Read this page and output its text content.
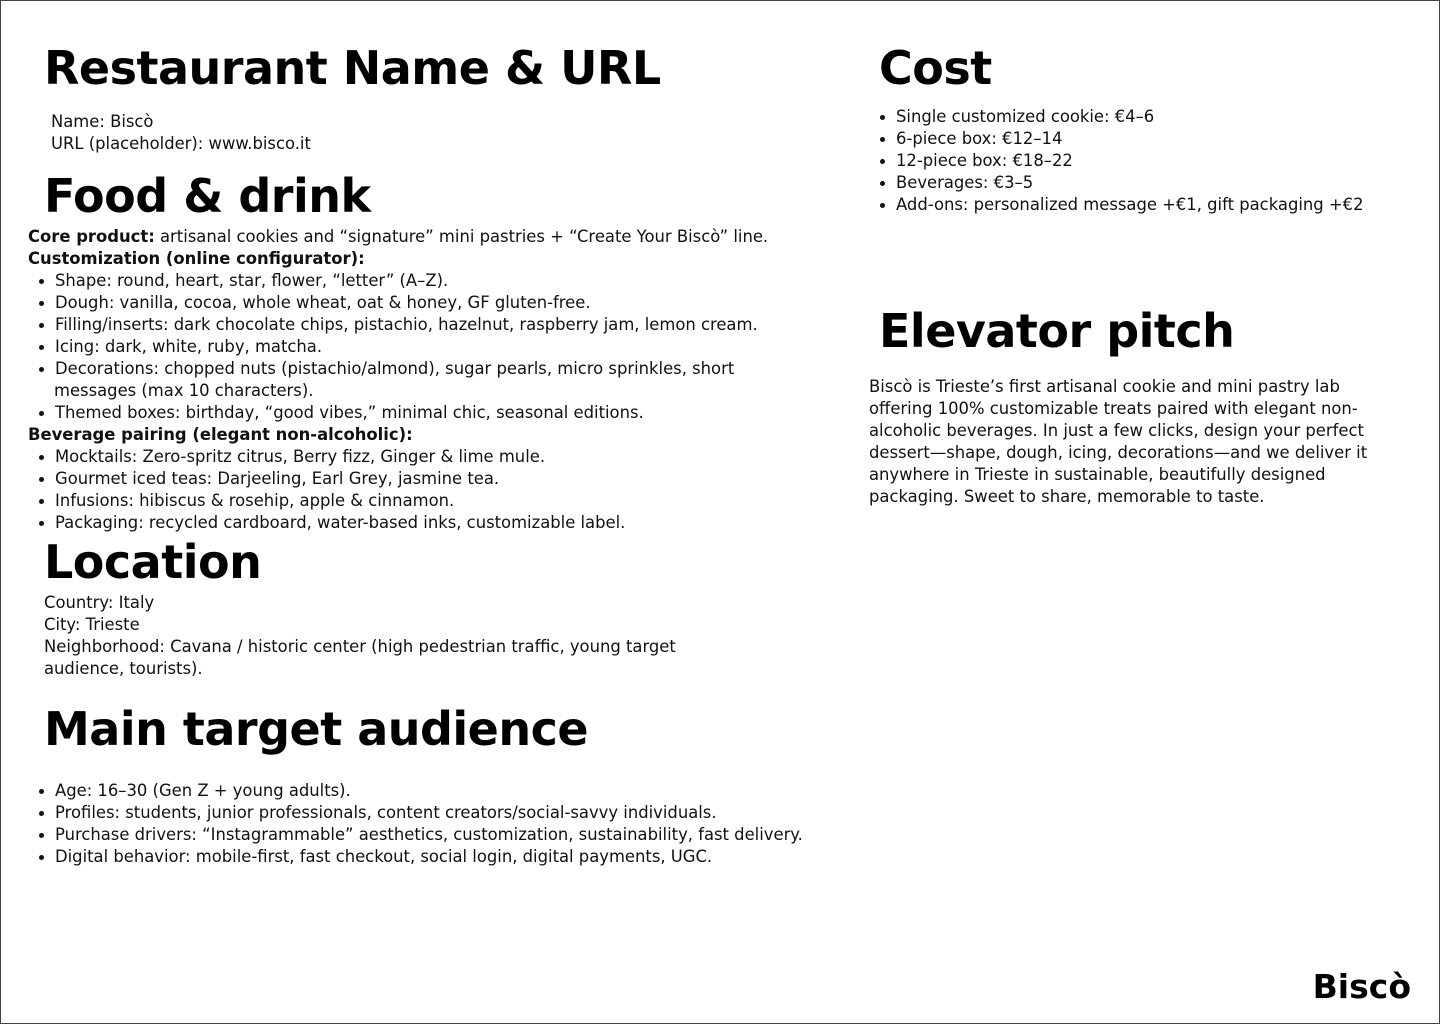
Restaurant Name & URL
Name: Biscò
URL (placeholder): www.bisco.it
Food & drink
Core product: artisanal cookies and “signature” mini pastries + “Create Your Biscò” line.
Customization (online configurator):
Shape: round, heart, star, flower, “letter” (A–Z).
Dough: vanilla, cocoa, whole wheat, oat & honey, GF gluten-free.
Filling/inserts: dark chocolate chips, pistachio, hazelnut, raspberry jam, lemon cream.
Icing: dark, white, ruby, matcha.
Decorations: chopped nuts (pistachio/almond), sugar pearls, micro sprinkles, short
messages (max 10 characters).
Themed boxes: birthday, “good vibes,” minimal chic, seasonal editions.
Beverage pairing (elegant non-alcoholic):
Mocktails: Zero-spritz citrus, Berry fizz, Ginger & lime mule.
Gourmet iced teas: Darjeeling, Earl Grey, jasmine tea.
Infusions: hibiscus & rosehip, apple & cinnamon.
Packaging: recycled cardboard, water-based inks, customizable label.
Location
Country: Italy
City: Trieste
Neighborhood: Cavana / historic center (high pedestrian traffic, young target
audience, tourists).
Main target audience
Age: 16–30 (Gen Z + young adults).
Profiles: students, junior professionals, content creators/social-savvy individuals.
Purchase drivers: “Instagrammable” aesthetics, customization, sustainability, fast delivery.
Digital behavior: mobile-first, fast checkout, social login, digital payments, UGC.
Cost
Single customized cookie: €4–6
6-piece box: €12–14
12-piece box: €18–22
Beverages: €3–5
Add-ons: personalized message +€1, gift packaging +€2
Elevator pitch
Biscò is Trieste’s first artisanal cookie and mini pastry lab
offering 100% customizable treats paired with elegant non-
alcoholic beverages. In just a few clicks, design your perfect
dessert—shape, dough, icing, decorations—and we deliver it
anywhere in Trieste in sustainable, beautifully designed
packaging. Sweet to share, memorable to taste.
Biscò
